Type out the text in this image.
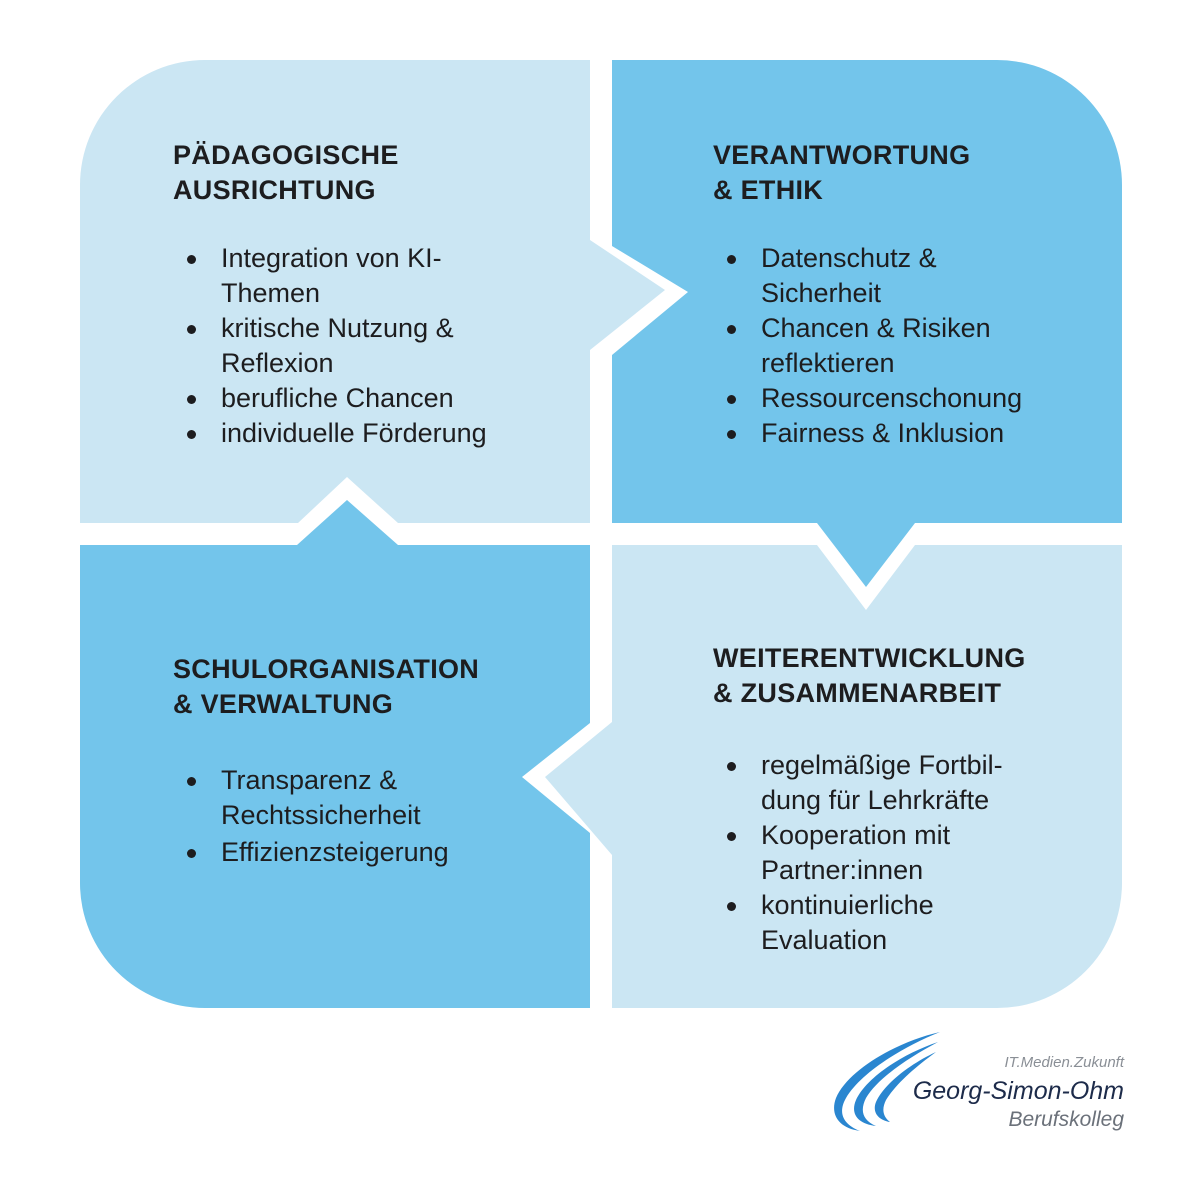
PÄDAGOGISCHE
AUSRICHTUNG
Integration von KI-
Themen
kritische Nutzung &
Reflexion
berufliche Chancen
individuelle Förderung
VERANTWORTUNG
& ETHIK
Datenschutz &
Sicherheit
Chancen & Risiken
reflektieren
Ressourcenschonung
Fairness & Inklusion
SCHULORGANISATION
& VERWALTUNG
Transparenz &
Rechtssicherheit
Effizienzsteigerung
WEITERENTWICKLUNG
& ZUSAMMENARBEIT
regelmäßige Fortbil-
dung für Lehrkräfte
Kooperation mit
Partner:innen
kontinuierliche
Evaluation
IT.Medien.Zukunft
Georg-Simon-Ohm
Berufskolleg
